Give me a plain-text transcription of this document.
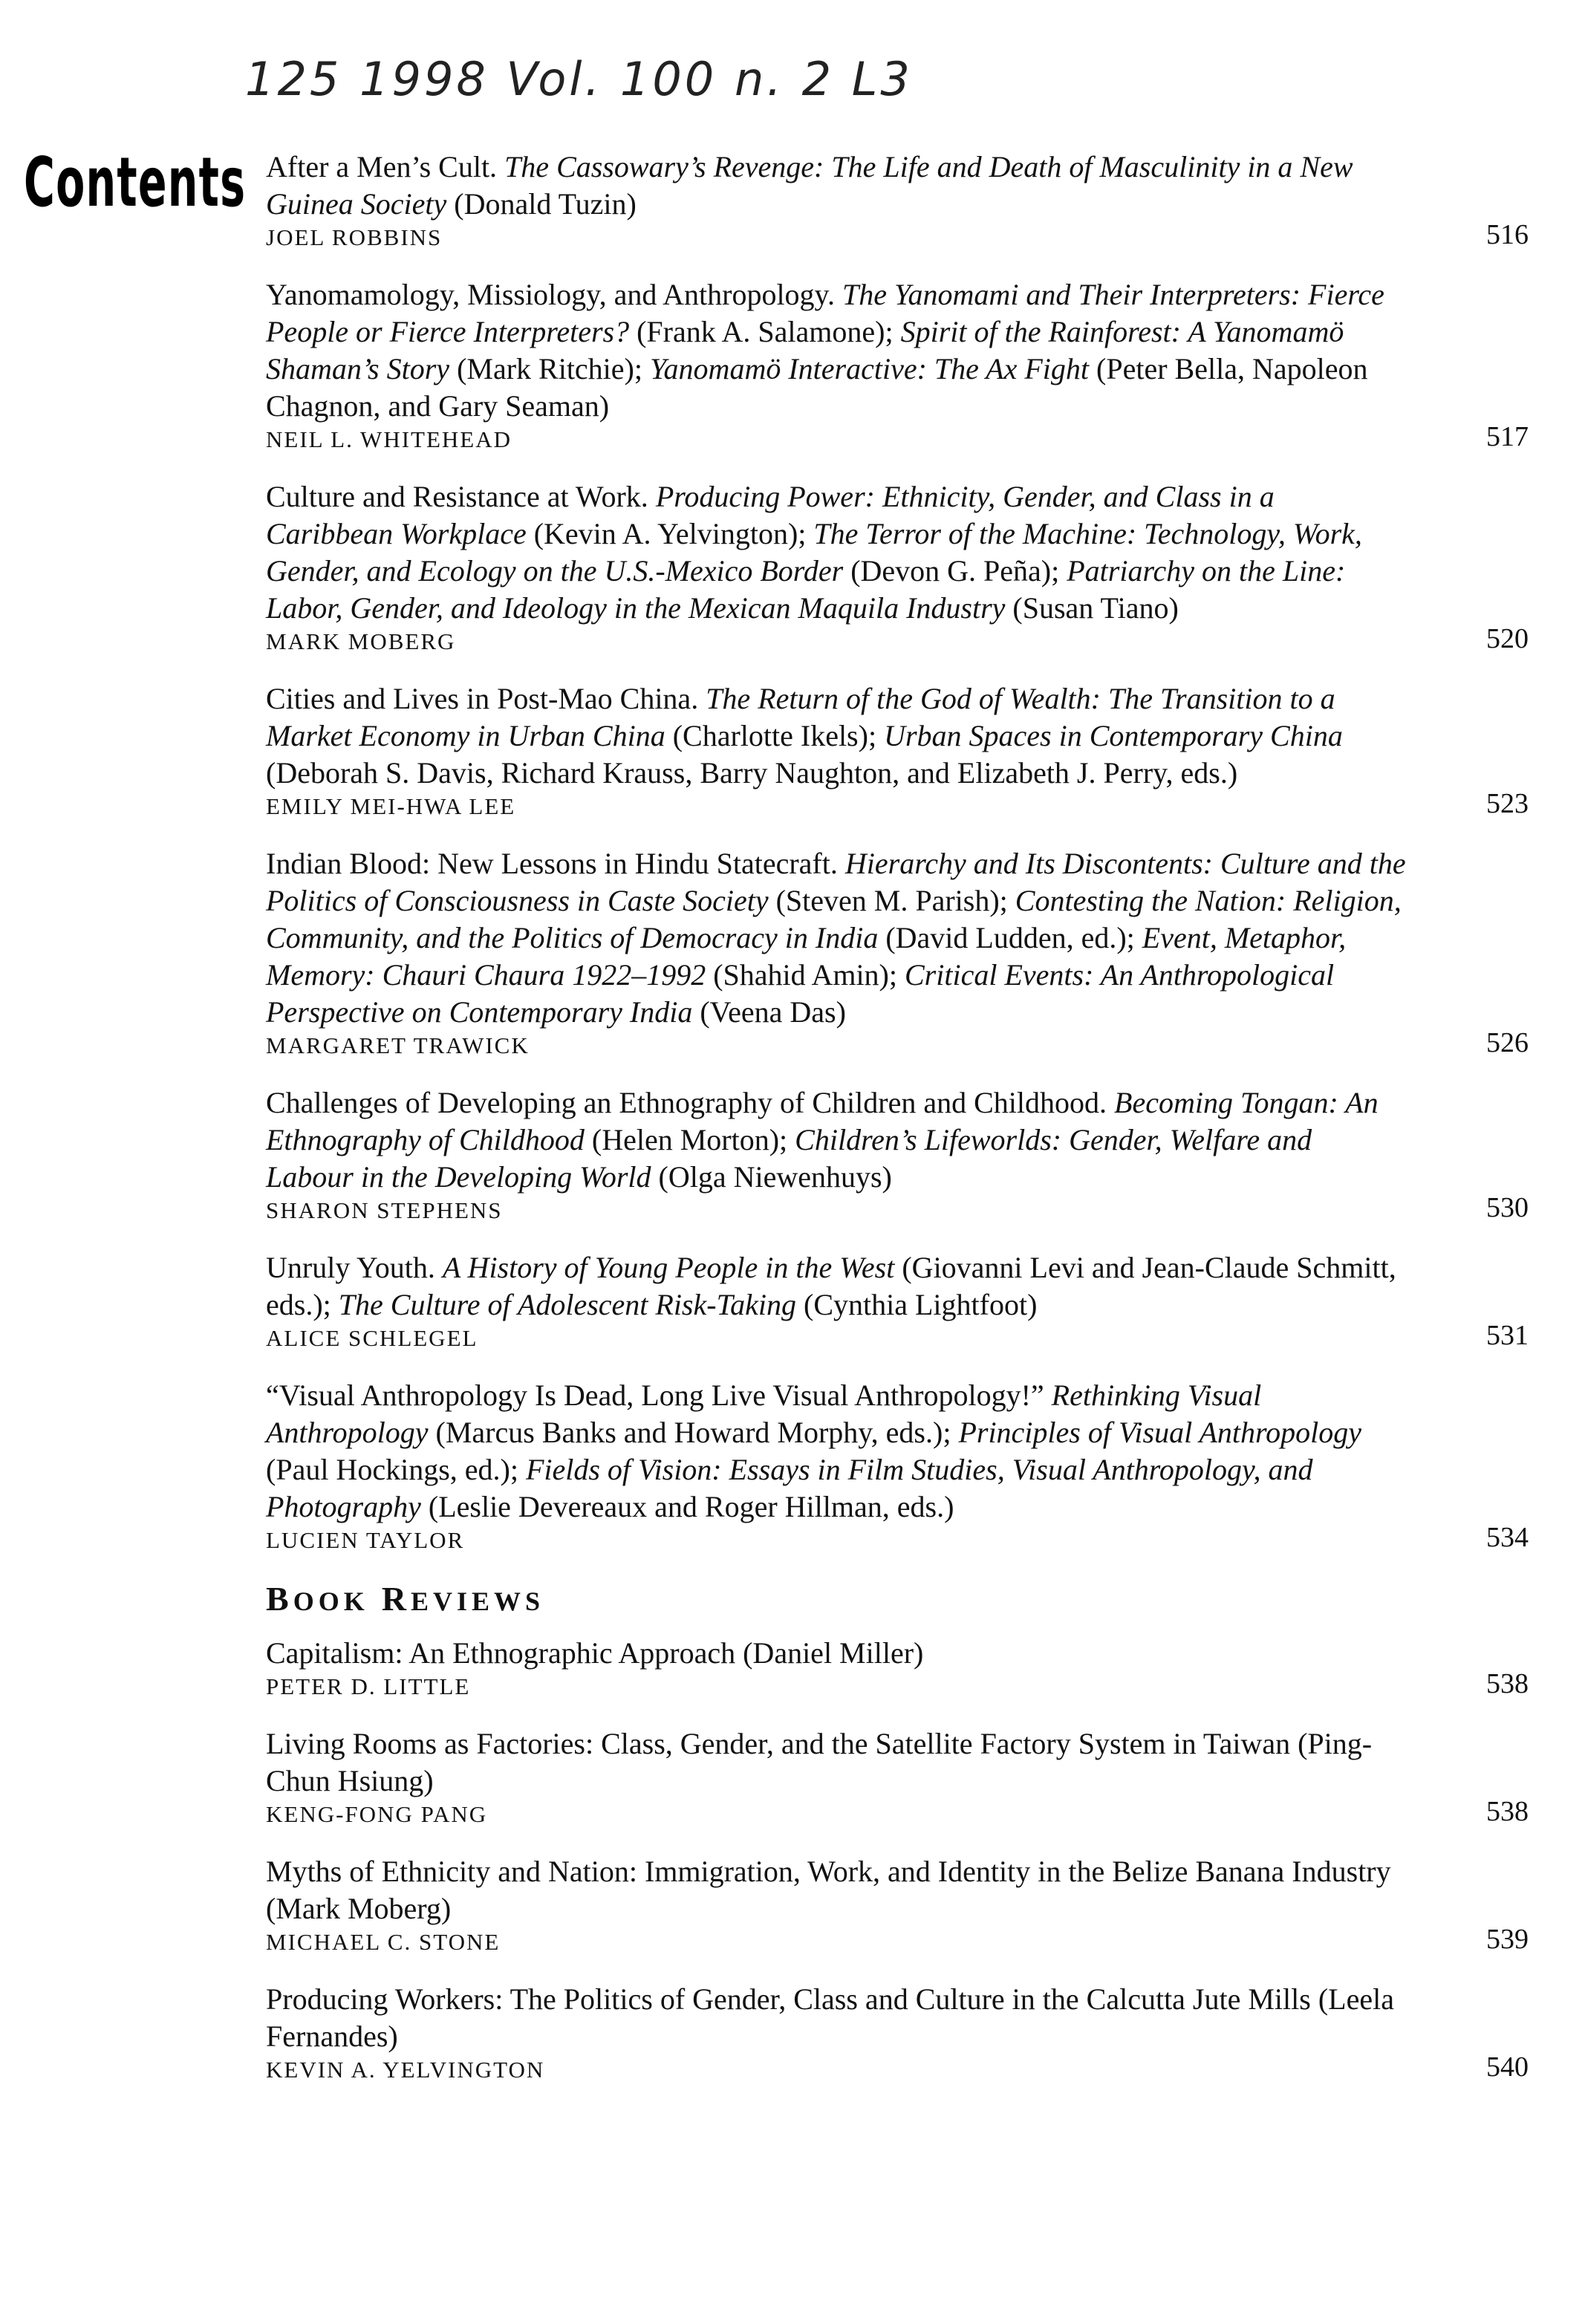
125 1998 Vol. 100 n. 2 L3
Contents After a Men’s Cult. The Cassowary’s Revenge: The Life and Death of Masculinity in a New Guinea Society (Donald Tuzin)
JOEL ROBBINS	516
Yanomamology, Missiology, and Anthropology. The Yanomami and Their Interpreters: Fierce People or Fierce Interpreters? (Frank A. Salamone); Spirit of the Rainforest: A Yanomamö Shaman’s Story (Mark Ritchie); Yanomamö Interactive: The Ax Fight (Peter Bella, Napoleon Chagnon, and Gary Seaman)
NEIL L. WHITEHEAD	517
Culture and Resistance at Work. Producing Power: Ethnicity, Gender, and Class in a Caribbean Workplace (Kevin A. Yelvington); The Terror of the Machine: Technology, Work, Gender, and Ecology on the U.S.-Mexico Border (Devon G. Peña); Patriarchy on the Line: Labor, Gender, and Ideology in the Mexican Maquila Industry (Susan Tiano)
MARK MOBERG	520
Cities and Lives in Post-Mao China. The Return of the God of Wealth: The Transition to a Market Economy in Urban China (Charlotte Ikels); Urban Spaces in Contemporary China (Deborah S. Davis, Richard Krauss, Barry Naughton, and Elizabeth J. Perry, eds.)
EMILY MEI-HWA LEE	523
Indian Blood: New Lessons in Hindu Statecraft. Hierarchy and Its Discontents: Culture and the Politics of Consciousness in Caste Society (Steven M. Parish); Contesting the Nation: Religion, Community, and the Politics of Democracy in India (David Ludden, ed.); Event, Metaphor, Memory: Chauri Chaura 1922–1992 (Shahid Amin); Critical Events: An Anthropological Perspective on Contemporary India (Veena Das)
MARGARET TRAWICK	526
Challenges of Developing an Ethnography of Children and Childhood. Becoming Tongan: An Ethnography of Childhood (Helen Morton); Children’s Lifeworlds: Gender, Welfare and Labour in the Developing World (Olga Niewenhuys)
SHARON STEPHENS	530
Unruly Youth. A History of Young People in the West (Giovanni Levi and Jean-Claude Schmitt, eds.); The Culture of Adolescent Risk-Taking (Cynthia Lightfoot)
ALICE SCHLEGEL	531
“Visual Anthropology Is Dead, Long Live Visual Anthropology!” Rethinking Visual Anthropology (Marcus Banks and Howard Morphy, eds.); Principles of Visual Anthropology (Paul Hockings, ed.); Fields of Vision: Essays in Film Studies, Visual Anthropology, and Photography (Leslie Devereaux and Roger Hillman, eds.)
LUCIEN TAYLOR	534
BOOK REVIEWS
Capitalism: An Ethnographic Approach (Daniel Miller)
PETER D. LITTLE	538
Living Rooms as Factories: Class, Gender, and the Satellite Factory System in Taiwan (Ping-Chun Hsiung)
KENG-FONG PANG	538
Myths of Ethnicity and Nation: Immigration, Work, and Identity in the Belize Banana Industry (Mark Moberg)
MICHAEL C. STONE	539
Producing Workers: The Politics of Gender, Class and Culture in the Calcutta Jute Mills (Leela Fernandes)
KEVIN A. YELVINGTON	540
